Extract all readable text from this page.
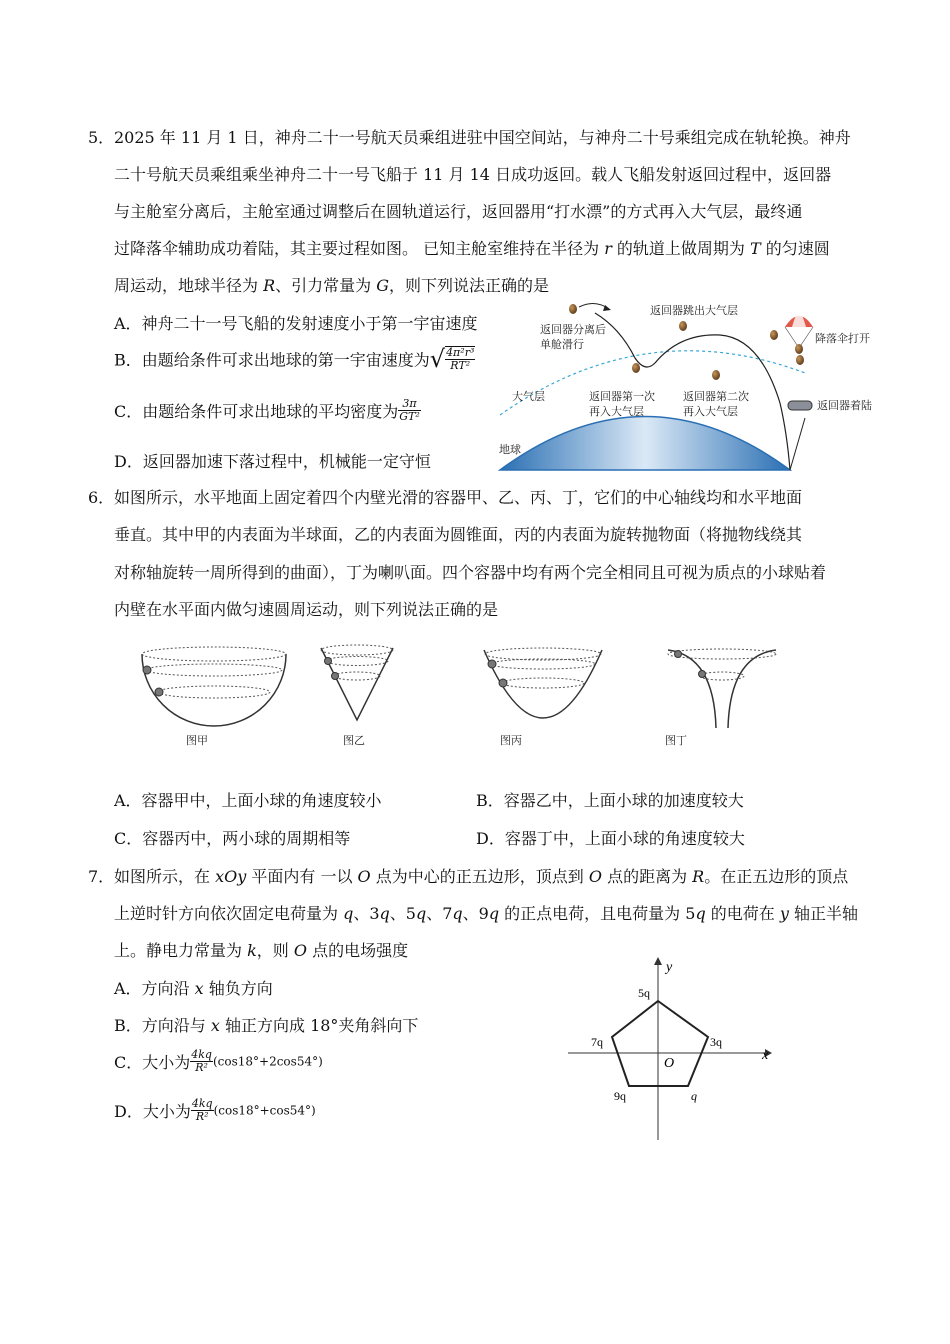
5． 2025 年 11 月 1 日，神舟二十一号航天员乘组进驻中国空间站，与神舟二十号乘组完成在轨轮换。神舟
二十号航天员乘组乘坐神舟二十一号飞船于 11 月 14 日成功返回。载人飞船发射返回过程中，返回器
与主舱室分离后，主舱室通过调整后在圆轨道运行，返回器用“打水漂”的方式再入大气层，最终通
过降落伞辅助成功着陆，其主要过程如图。 已知主舱室维持在半径为 r 的轨道上做周期为 T 的匀速圆
周运动，地球半径为 R、引力常量为 G，则下列说法正确的是
A．神舟二十一号飞船的发射速度小于第一宇宙速度
B．由题给条件可求出地球的第一宇宙速度为√ $\frac{\text{4π²r³}}{\text{RT²}}$
C．由题给条件可求出地球的平均密度为 $\frac{3\pi}{\text{GT²}}$
D．返回器加速下落过程中，机械能一定守恒
返回器分离后
单舱滑行
返回器跳出大气层
降落伞打开
大气层	返回器第一次
再入大气层
返回器第二次
再入大气层	返回器着陆
地球
6． 如图所示，水平地面上固定着四个内壁光滑的容器甲、乙、丙、丁，它们的中心轴线均和水平地面
垂直。其中甲的内表面为半球面，乙的内表面为圆锥面，丙的内表面为旋转抛物面（将抛物线绕其
对称轴旋转一周所得到的曲面），丁为喇叭面。四个容器中均有两个完全相同且可视为质点的小球贴着
内壁在水平面内做匀速圆周运动，则下列说法正确的是
图甲	图乙	图丙	图丁
A．容器甲中，上面小球的角速度较小	B．容器乙中，上面小球的加速度较大
C．容器丙中，两小球的周期相等	D．容器丁中，上面小球的角速度较大
7． 如图所示，在 xOy 平面内有 一以 O 点为中心的正五边形，顶点到 O 点的距离为 R。在正五边形的顶点
上逆时针方向依次固定电荷量为 q、3q、5q、7q、9q 的正点电荷，且电荷量为 5q 的电荷在 y 轴正半轴
上。静电力常量为 k，则 O 点的电场强度
A．方向沿 x 轴负方向
B．方向沿与 x 轴正方向成 18°夹角斜向下
C．大小为 $\frac{4kq}{\text{R²}} (\cos 18^\circ+2\cos 54^\circ)$
D．大小为 $\frac{4kq}{\text{R²}} (\cos 18^\circ+\cos 54^\circ)$
y
x
O
5q
7q	3q
9q	q
